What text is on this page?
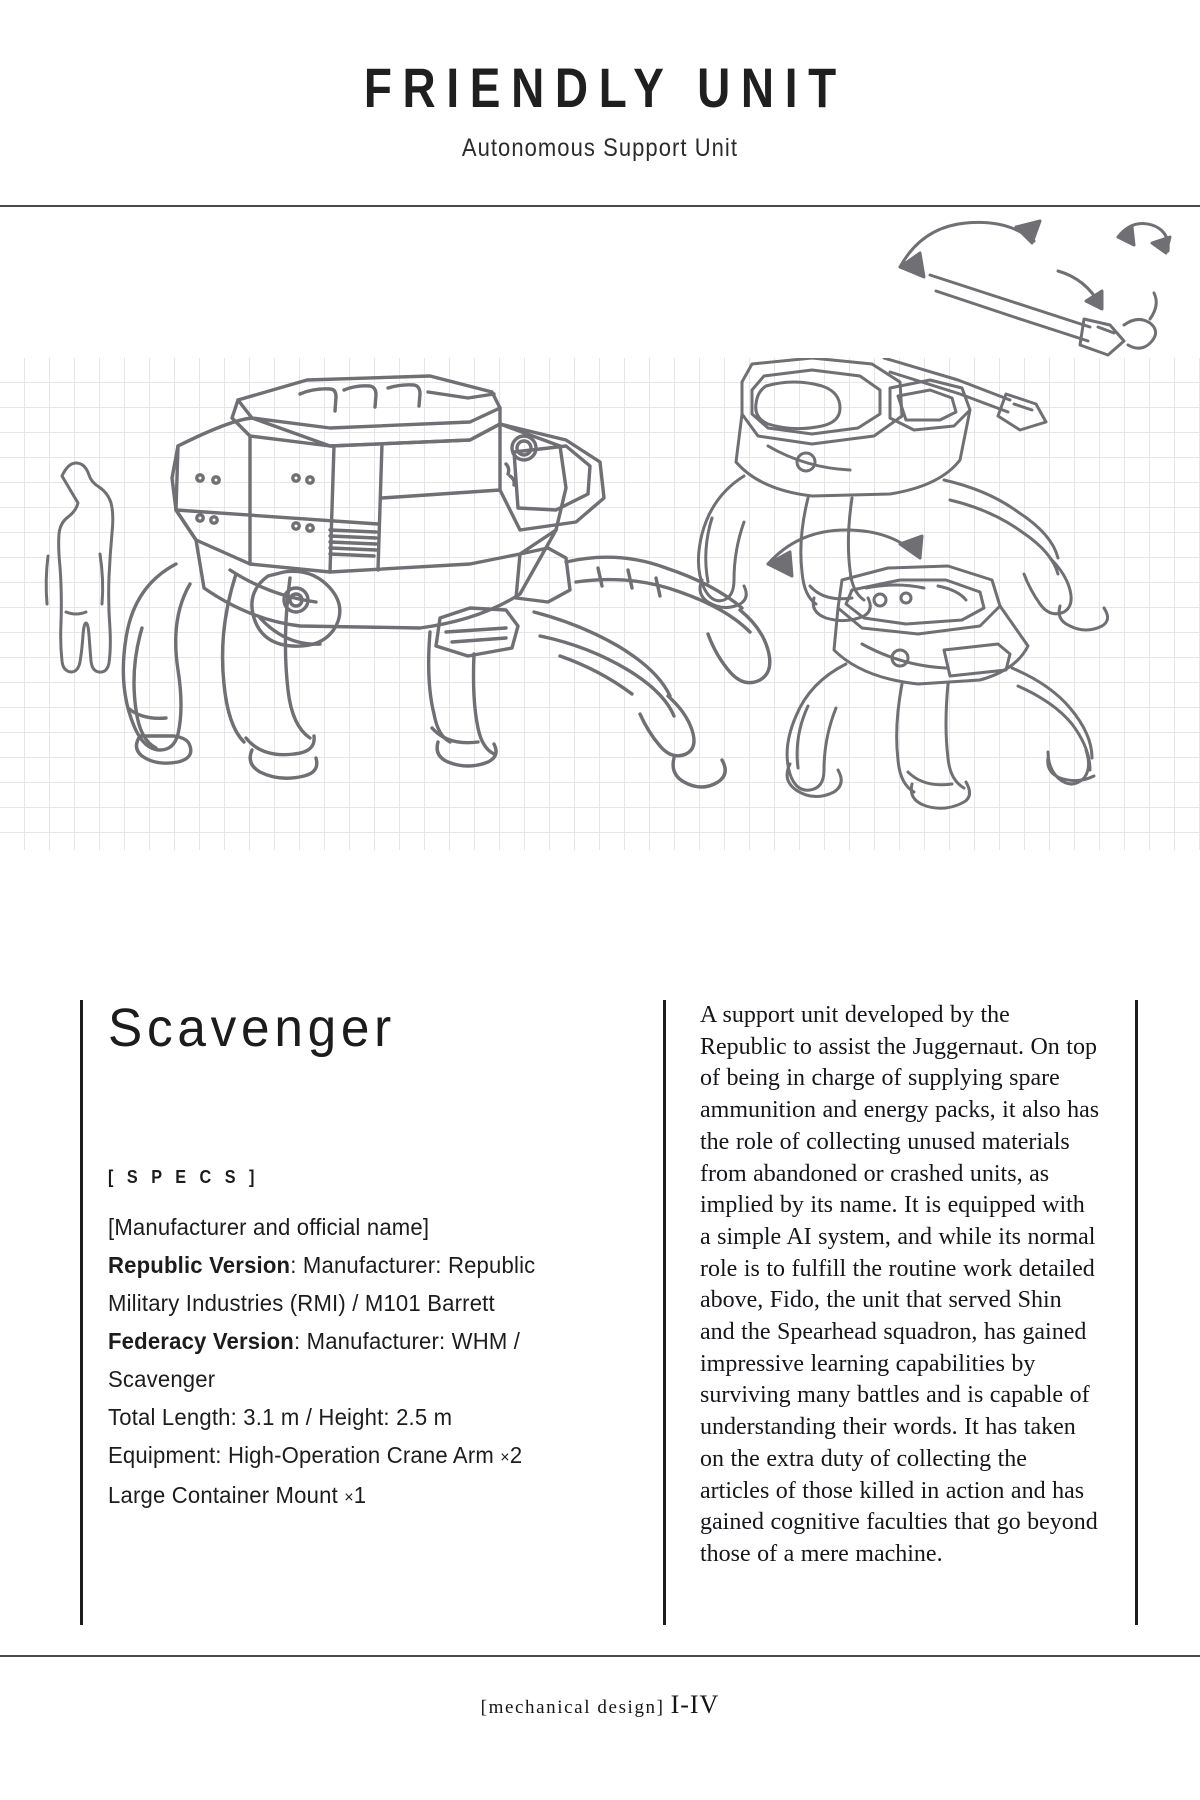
FRIENDLY UNIT
Autonomous Support Unit
Scavenger
[ S P E C S ]
[Manufacturer and official name]
Republic Version: Manufacturer: Republic Military Industries (RMI) / M101 Barrett
Federacy Version: Manufacturer: WHM / Scavenger
Total Length: 3.1 m / Height: 2.5 m
Equipment: High-Operation Crane Arm ×2
Large Container Mount ×1
A support unit developed by the Republic to assist the Juggernaut. On top of being in charge of supplying spare ammunition and energy packs, it also has the role of collecting unused materials from abandoned or crashed units, as implied by its name. It is equipped with a simple AI system, and while its normal role is to fulfill the routine work detailed above, Fido, the unit that served Shin and the Spearhead squadron, has gained impressive learning capabilities by surviving many battles and is capable of understanding their words. It has taken on the extra duty of collecting the articles of those killed in action and has gained cognitive faculties that go beyond those of a mere machine.
[mechanical design] I-IV
